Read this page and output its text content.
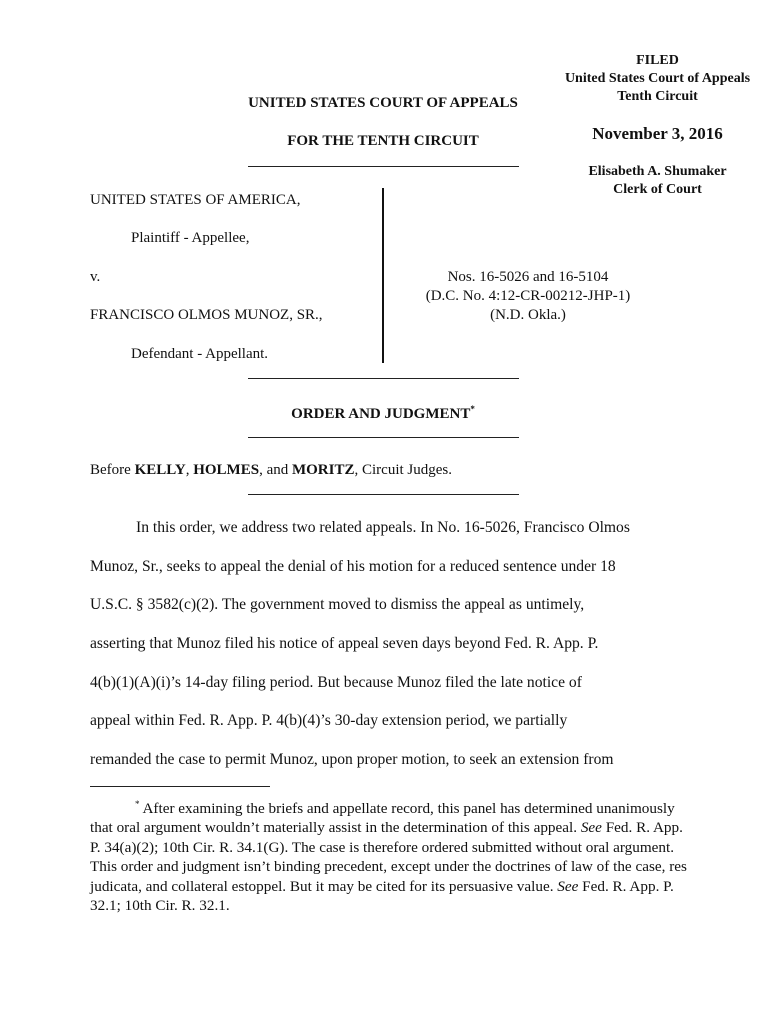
FILED
United States Court of Appeals
Tenth Circuit
November 3, 2016
Elisabeth A. Shumaker
Clerk of Court
UNITED STATES COURT OF APPEALS
FOR THE TENTH CIRCUIT
UNITED STATES OF AMERICA,
Plaintiff - Appellee,
v.
FRANCISCO OLMOS MUNOZ, SR.,
Defendant - Appellant.
Nos. 16-5026 and 16-5104
(D.C. No. 4:12-CR-00212-JHP-1)
(N.D. Okla.)
ORDER AND JUDGMENT*
Before KELLY, HOLMES, and MORITZ, Circuit Judges.
In this order, we address two related appeals. In No. 16-5026, Francisco Olmos
Munoz, Sr., seeks to appeal the denial of his motion for a reduced sentence under 18
U.S.C. § 3582(c)(2). The government moved to dismiss the appeal as untimely,
asserting that Munoz filed his notice of appeal seven days beyond Fed. R. App. P.
4(b)(1)(A)(i)’s 14-day filing period. But because Munoz filed the late notice of
appeal within Fed. R. App. P. 4(b)(4)’s 30-day extension period, we partially
remanded the case to permit Munoz, upon proper motion, to seek an extension from
* After examining the briefs and appellate record, this panel has determined unanimously that oral argument wouldn’t materially assist in the determination of this appeal. See Fed. R. App. P. 34(a)(2); 10th Cir. R. 34.1(G). The case is therefore ordered submitted without oral argument. This order and judgment isn’t binding precedent, except under the doctrines of law of the case, res judicata, and collateral estoppel. But it may be cited for its persuasive value. See Fed. R. App. P. 32.1; 10th Cir. R. 32.1.
